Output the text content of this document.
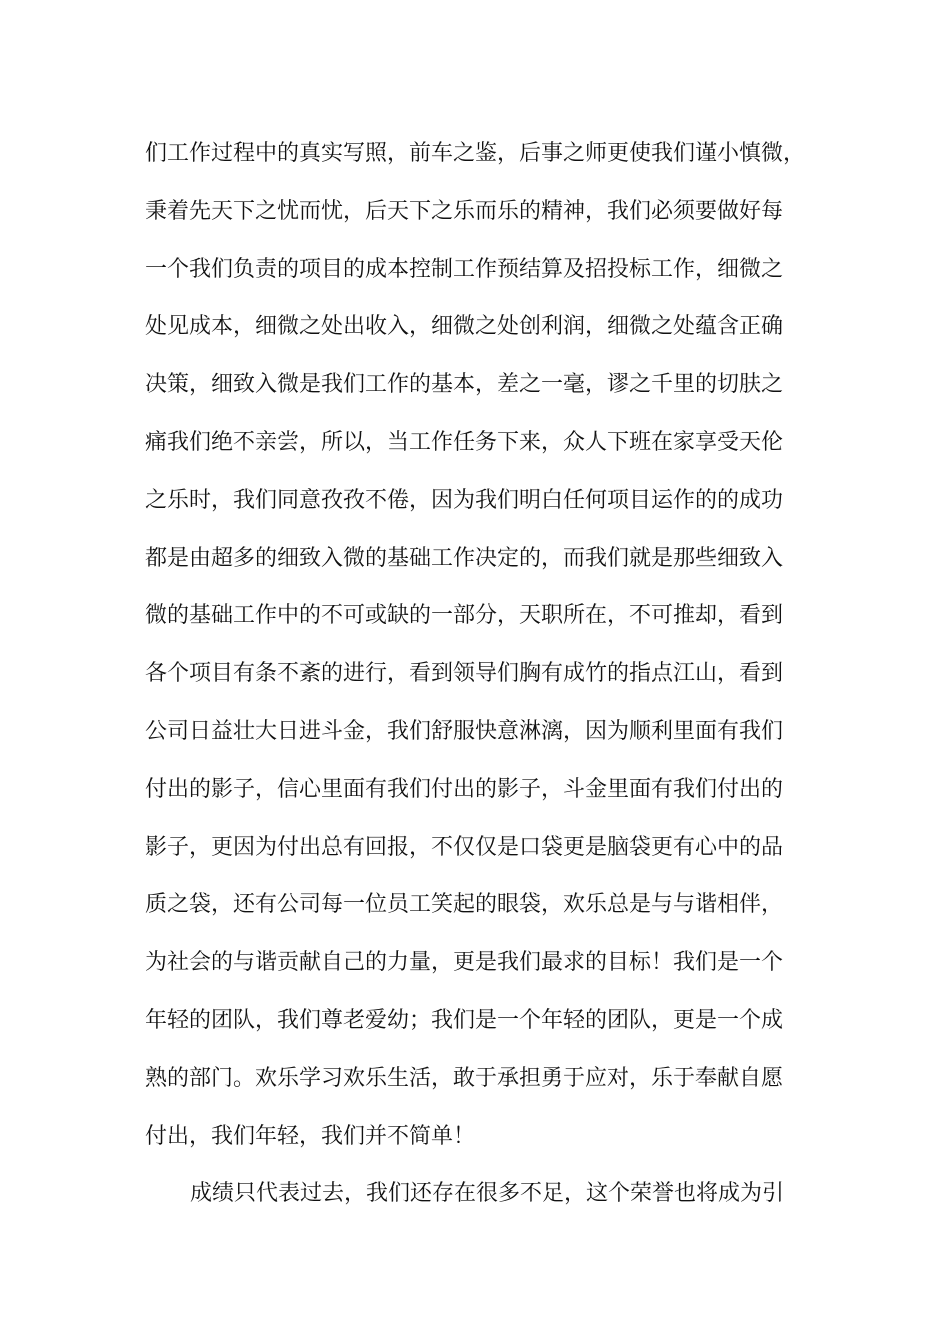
们工作过程中的真实写照，前车之鉴，后事之师更使我们谨小慎微，
秉着先天下之忧而忧，后天下之乐而乐的精神，我们必须要做好每
一个我们负责的项目的成本控制工作预结算及招投标工作，细微之
处见成本，细微之处出收入，细微之处创利润，细微之处蕴含正确
决策，细致入微是我们工作的基本，差之一毫，谬之千里的切肤之
痛我们绝不亲尝，所以，当工作任务下来，众人下班在家享受天伦
之乐时，我们同意孜孜不倦，因为我们明白任何项目运作的的成功
都是由超多的细致入微的基础工作决定的，而我们就是那些细致入
微的基础工作中的不可或缺的一部分，天职所在，不可推却，看到
各个项目有条不紊的进行，看到领导们胸有成竹的指点江山，看到
公司日益壮大日进斗金，我们舒服快意淋漓，因为顺利里面有我们
付出的影子，信心里面有我们付出的影子，斗金里面有我们付出的
影子，更因为付出总有回报，不仅仅是口袋更是脑袋更有心中的品
质之袋，还有公司每一位员工笑起的眼袋，欢乐总是与与谐相伴，
为社会的与谐贡献自己的力量，更是我们最求的目标！我们是一个
年轻的团队，我们尊老爱幼；我们是一个年轻的团队，更是一个成
熟的部门。欢乐学习欢乐生活，敢于承担勇于应对，乐于奉献自愿
付出，我们年轻，我们并不简单！
成绩只代表过去，我们还存在很多不足，这个荣誉也将成为引
